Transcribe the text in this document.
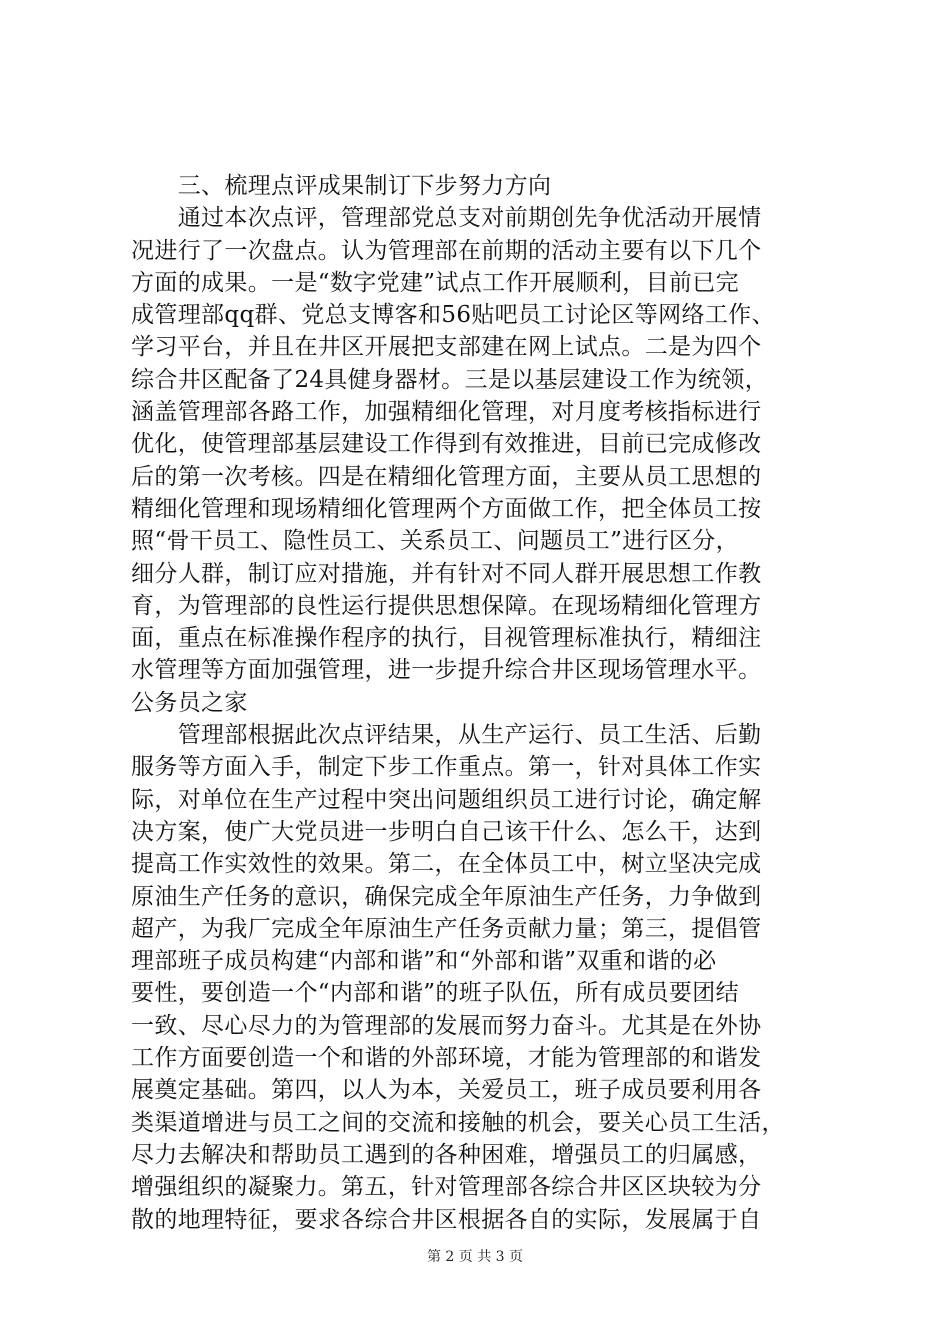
　　三、梳理点评成果制订下步努力方向
　　通过本次点评，管理部党总支对前期创先争优活动开展情
况进行了一次盘点。认为管理部在前期的活动主要有以下几个
方面的成果。一是“数字党建”试点工作开展顺利，目前已完
成管理部qq群、党总支博客和56贴吧员工讨论区等网络工作、
学习平台，并且在井区开展把支部建在网上试点。二是为四个
综合井区配备了24具健身器材。三是以基层建设工作为统领，
涵盖管理部各路工作，加强精细化管理，对月度考核指标进行
优化，使管理部基层建设工作得到有效推进，目前已完成修改
后的第一次考核。四是在精细化管理方面，主要从员工思想的
精细化管理和现场精细化管理两个方面做工作，把全体员工按
照“骨干员工、隐性员工、关系员工、问题员工”进行区分，
细分人群，制订应对措施，并有针对不同人群开展思想工作教
育，为管理部的良性运行提供思想保障。在现场精细化管理方
面，重点在标准操作程序的执行，目视管理标准执行，精细注
水管理等方面加强管理，进一步提升综合井区现场管理水平。
公务员之家
　　管理部根据此次点评结果，从生产运行、员工生活、后勤
服务等方面入手，制定下步工作重点。第一，针对具体工作实
际，对单位在生产过程中突出问题组织员工进行讨论，确定解
决方案，使广大党员进一步明白自己该干什么、怎么干，达到
提高工作实效性的效果。第二，在全体员工中，树立坚决完成
原油生产任务的意识，确保完成全年原油生产任务，力争做到
超产，为我厂完成全年原油生产任务贡献力量；第三，提倡管
理部班子成员构建“内部和谐”和“外部和谐”双重和谐的必
要性，要创造一个“内部和谐”的班子队伍，所有成员要团结
一致、尽心尽力的为管理部的发展而努力奋斗。尤其是在外协
工作方面要创造一个和谐的外部环境，才能为管理部的和谐发
展奠定基础。第四，以人为本，关爱员工，班子成员要利用各
类渠道增进与员工之间的交流和接触的机会，要关心员工生活，
尽力去解决和帮助员工遇到的各种困难，增强员工的归属感，
增强组织的凝聚力。第五，针对管理部各综合井区区块较为分
散的地理特征，要求各综合井区根据各自的实际，发展属于自
第 2 页 共 3 页
